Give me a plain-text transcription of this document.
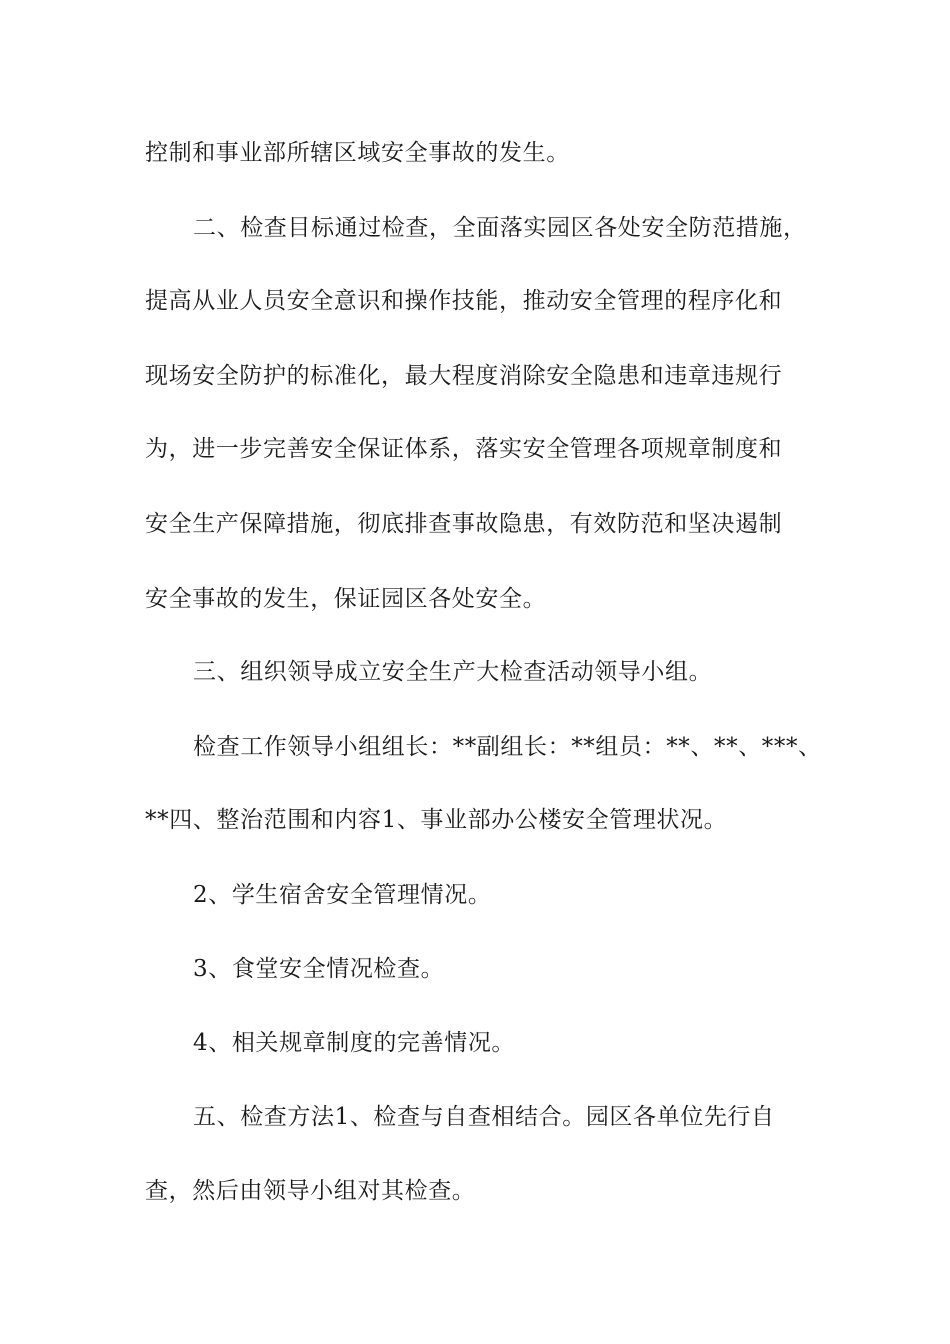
控制和事业部所辖区域安全事故的发生。
二、检查目标通过检查，全面落实园区各处安全防范措施，
提高从业人员安全意识和操作技能，推动安全管理的程序化和
现场安全防护的标准化，最大程度消除安全隐患和违章违规行
为，进一步完善安全保证体系，落实安全管理各项规章制度和
安全生产保障措施，彻底排查事故隐患，有效防范和坚决遏制
安全事故的发生，保证园区各处安全。
三、组织领导成立安全生产大检查活动领导小组。
检查工作领导小组组长：**副组长：**组员：**、**、***、
**四、整治范围和内容1、事业部办公楼安全管理状况。
2、学生宿舍安全管理情况。
3、食堂安全情况检查。
4、相关规章制度的完善情况。
五、检查方法1、检查与自查相结合。园区各单位先行自
查，然后由领导小组对其检查。
